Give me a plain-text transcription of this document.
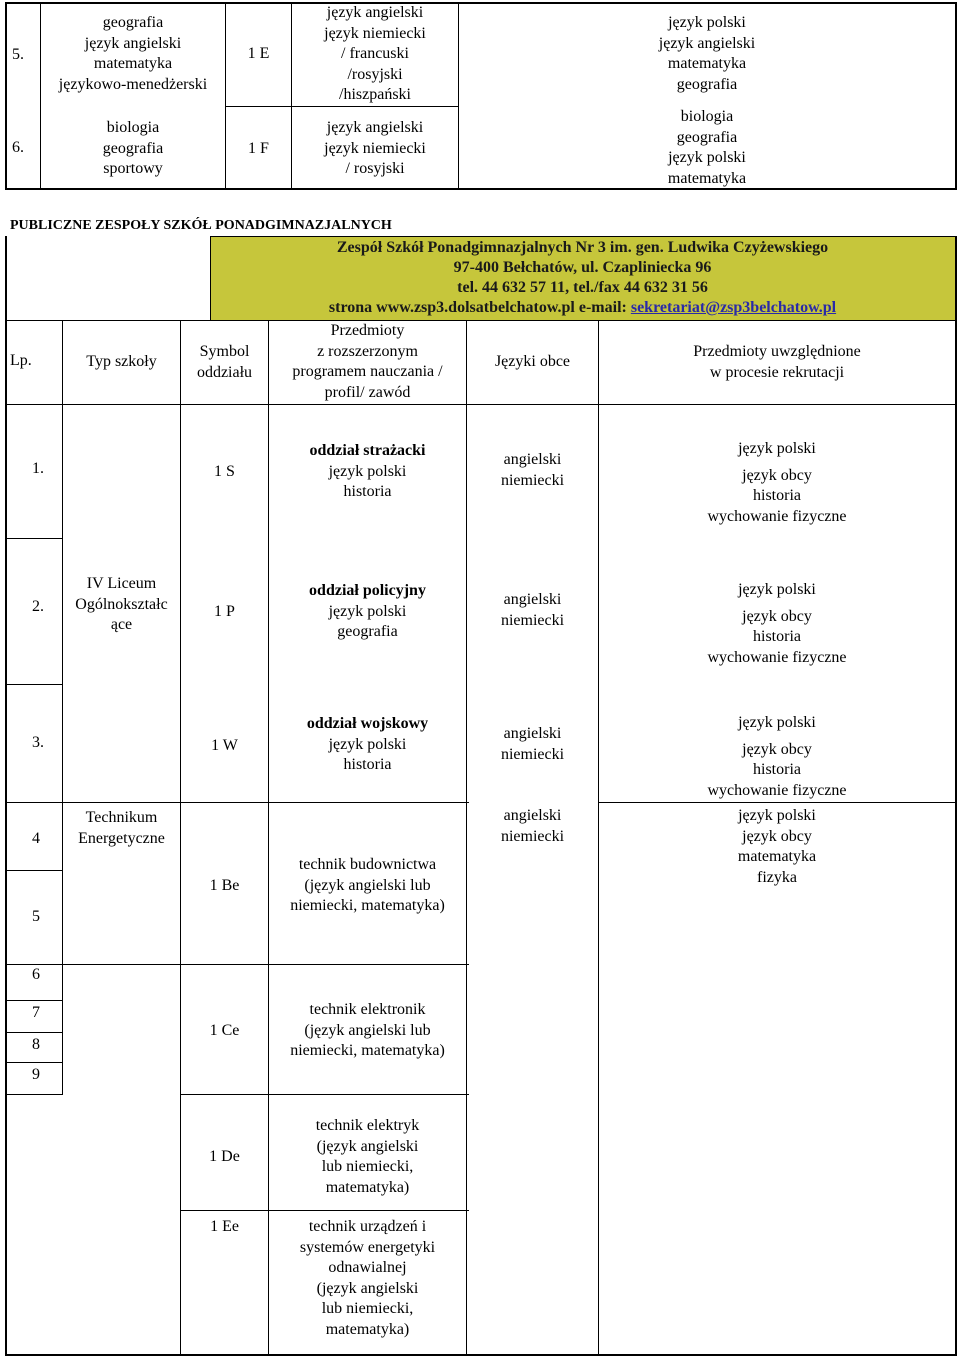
5.
geografia
język angielski
matematyka
językowo-menedżerski
1 E
język angielski
język niemiecki
/ francuski
/rosyjski
/hiszpański
język polski
język angielski
matematyka
geografia
6.
biologia
geografia
sportowy
1 F
język angielski
język niemiecki
/ rosyjski
biologia
geografia
język polski
matematyka
PUBLICZNE ZESPOŁY SZKÓŁ PONADGIMNAZJALNYCH
Zespół Szkół Ponadgimnazjalnych Nr 3 im. gen. Ludwika Czyżewskiego
97-400 Bełchatów, ul. Czapliniecka 96
tel. 44 632 57 11, tel./fax 44 632 31 56
strona www.zsp3.dolsatbelchatow.pl e-mail: sekretariat@zsp3belchatow.pl
Lp.	Typ szkoły
Symbol
oddziału
Przedmioty
z rozszerzonym
programem nauczania /
profil/ zawód
Języki obce
Przedmioty uwzględnione
w procesie rekrutacji
1.
2.
3.
4
5
6
7
8
9
IV Liceum
Ogólnokształc
ące
Technikum
Energetyczne
1 S
oddział strażacki
język polski
historia
angielski
niemiecki
język polski
język obcy
historia
wychowanie fizyczne
1 P
oddział policyjny
język polski
geografia
angielski
niemiecki
język polski
język obcy
historia
wychowanie fizyczne
1 W
oddział wojskowy
język polski
historia
angielski
niemiecki
język polski
język obcy
historia
wychowanie fizyczne
angielski
niemiecki
język polski
język obcy
matematyka
fizyka
1 Be
technik budownictwa
(język angielski lub
niemiecki, matematyka)
1 Ce
technik elektronik
(język angielski lub
niemiecki, matematyka)
1 De
technik elektryk
(język angielski
lub niemiecki,
matematyka)
1 Ee	technik urządzeń i
systemów energetyki
odnawialnej
(język angielski
lub niemiecki,
matematyka)
